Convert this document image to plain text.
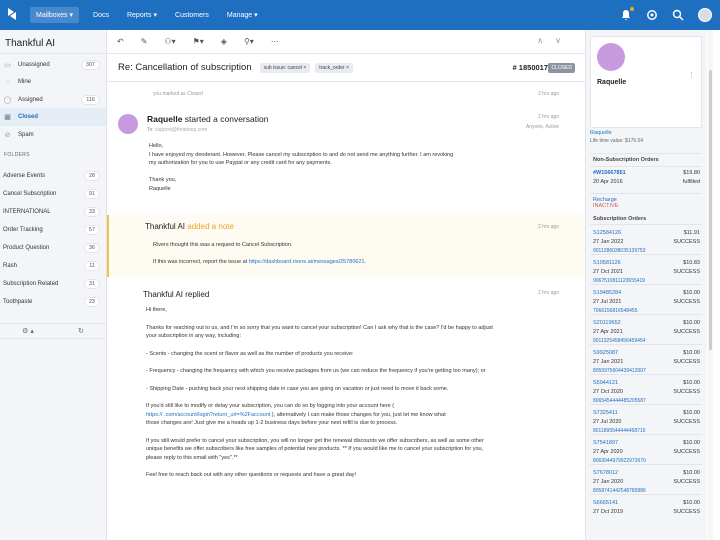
Mailboxes ▾	Docs	Reports ▾	Customers	Manage ▾
Thankful AI
▭ Unassigned	307
◌	Mine
◯ Assigned	116
▣ Closed
⊘ Spam
FOLDERS
Adverse Events	28
Cancel Subscription	91
INTERNATIONAL	33
Order Tracking	57
Product Question	36
Rash	11
Subscription Related	31
Toothpaste	23
⚙ ▴	↻
↶ ✎ ⚇▾ ⚑▾ ◈ ⚲▾ ⋯	∧ ∨
Re: Cancellation of subscription	sub issue: cancel ×	track_order ×	# 1850017 CLOSED
you marked as Closed	2 hrs ago
Raquelle started a conversation
To: support@thrationp.com
2 hrs ago
Anyone, Active
Hello,
I have enjoyed my deoderant. However, Please cancel my subscription to and do not send me anything further. I am revoking
my authorization for you to use Paypal or any credit card for any payments.

Thank you,
Raquelle
Thankful AI added a note	2 hrs ago
Rivers thought this was a request to Cancel Subscription.
If this was incorrect, report the issue at https://dashboard.rivers.ai/messages/25780621.
Thankful AI replied	2 hrs ago
Hi there,
Thanks for reaching out to us, and I'm so sorry that you want to cancel your subscription! Can I ask why that is the case? I'd be happy to adjust
your subscription in any way, including:
- Scents - changing the scent or flavor as well as the number of products you receive:
- Frequency - changing the frequency with which you receive packages from us (we can reduce the frequency if you're getting too many); or
- Shipping Date - pushing back your next shipping date in case you are going on vacation or just need to move it back some.
If you'd still like to modify or delay your subscription, you can do so by logging into your account here (
https:// .com/account/login?return_url=%2Faccount ), alternatively I can make those changes for you, just let me know what
those changes are! Just give me a heads up 1-2 business days before your next refill is due to process.
If you still would prefer to cancel your subscription, you will no longer get the renewal discounts we offer subscribers, as well as some other
unique benefits we offer subscribers like free samples of potential new products. ** If you would like me to cancel your subscription for you,
please reply to this email with "yes".**
Feel free to reach back out with any other questions or requests and have a great day!
Raquelle
⋮
Raquelle
Life time value: $176.54
Non-Subscription Orders
#W15667851	$19.80
20 Apr 2016	fulfilled
Recharge
INACTIVE
Subscription Orders
S12584126	$11.91
27 Jan 2022	SUCCESS
9011286038035139753
S10581126	$10.83
27 Oct 2021	SUCCESS
9067510811123655419
S19485284	$10.00
27 Jul 2021	SUCCESS
7066156816548455
S20119652	$10.00
27 Apr 2021	SUCCESS
9011325458456459454
S9925087	$10.00
27 Jan 2021	SUCCESS
8055975604439412007
S5944121	$10.00
27 Oct 2020	SUCCESS
8065454444485205587
S7325411	$10.00
27 Jul 2020	SUCCESS
8011895544444458715
S7541897	$10.00
27 Apr 2020	SUCCESS
8069944979922972670
S7678012	$10.00
27 Jan 2020	SUCCESS
8058741442548789986
S6665141	$10.00
27 Oct 2019	SUCCESS
